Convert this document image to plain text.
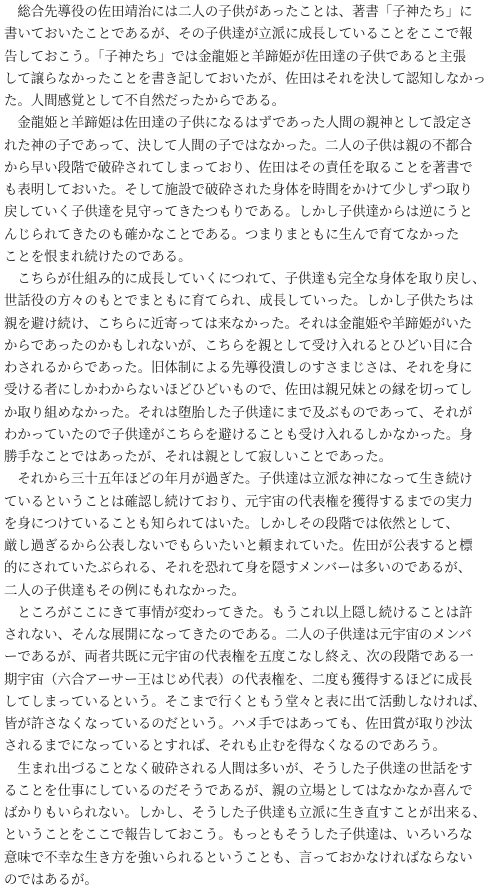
　総合先導役の佐田靖治には二人の子供があったことは、著書「子神たち」に
書いておいたことであるが、その子供達が立派に成長していることをここで報
告しておこう。「子神たち」では金龍姫と羊蹄姫が佐田達の子供であると主張
して譲らなかったことを書き記しておいたが、佐田はそれを決して認知しなかっ
た。人間感覚として不自然だったからである。
　金龍姫と羊蹄姫は佐田達の子供になるはずであった人間の親神として設定さ
れた神の子であって、決して人間の子ではなかった。二人の子供は親の不都合
から早い段階で破砕されてしまっており、佐田はその責任を取ることを著書で
も表明しておいた。そして施設で破砕された身体を時間をかけて少しずつ取り
戻していく子供達を見守ってきたつもりである。しかし子供達からは逆にうと
んじられてきたのも確かなことである。つまりまともに生んで育てなかった
ことを恨まれ続けたのである。
　こちらが仕組み的に成長していくにつれて、子供達も完全な身体を取り戻し、
世話役の方々のもとでまともに育てられ、成長していった。しかし子供たちは
親を避け続け、こちらに近寄っては来なかった。それは金龍姫や羊蹄姫がいた
からであったのかもしれないが、こちらを親として受け入れるとひどい目に合
わされるからであった。旧体制による先導役潰しのすさまじさは、それを身に
受ける者にしかわからないほどひどいもので、佐田は親兄妹との縁を切ってし
か取り組めなかった。それは堕胎した子供達にまで及ぶものであって、それが
わかっていたので子供達がこちらを避けることも受け入れるしかなかった。身
勝手なことではあったが、それは親として寂しいことであった。
　それから三十五年ほどの年月が過ぎた。子供達は立派な神になって生き続け
ているということは確認し続けており、元宇宙の代表権を獲得するまでの実力
を身につけていることも知られてはいた。しかしその段階では依然として、
厳し過ぎるから公表しないでもらいたいと頼まれていた。佐田が公表すると標
的にされていたぶられる、それを恐れて身を隠すメンバーは多いのであるが、
二人の子供達もその例にもれなかった。
　ところがここにきて事情が変わってきた。もうこれ以上隠し続けることは許
されない、そんな展開になってきたのである。二人の子供達は元宇宙のメンバ
ーであるが、両者共既に元宇宙の代表権を五度こなし終え、次の段階である一
期宇宙（六合アーサー王はじめ代表）の代表権を、二度も獲得するほどに成長
してしまっているという。そこまで行くともう堂々と表に出て活動しなければ、
皆が許さなくなっているのだという。ハメ手ではあっても、佐田賞が取り沙汰
されるまでになっているとすれば、それも止むを得なくなるのであろう。
　生まれ出づることなく破砕される人間は多いが、そうした子供達の世話をす
ることを仕事にしているのだそうであるが、親の立場としてはなかなか喜んで
ばかりもいられない。しかし、そうした子供達も立派に生き直すことが出来る、
ということをここで報告しておこう。もっともそうした子供達は、いろいろな
意味で不幸な生き方を強いられるということも、言っておかなければならない
のではあるが。
